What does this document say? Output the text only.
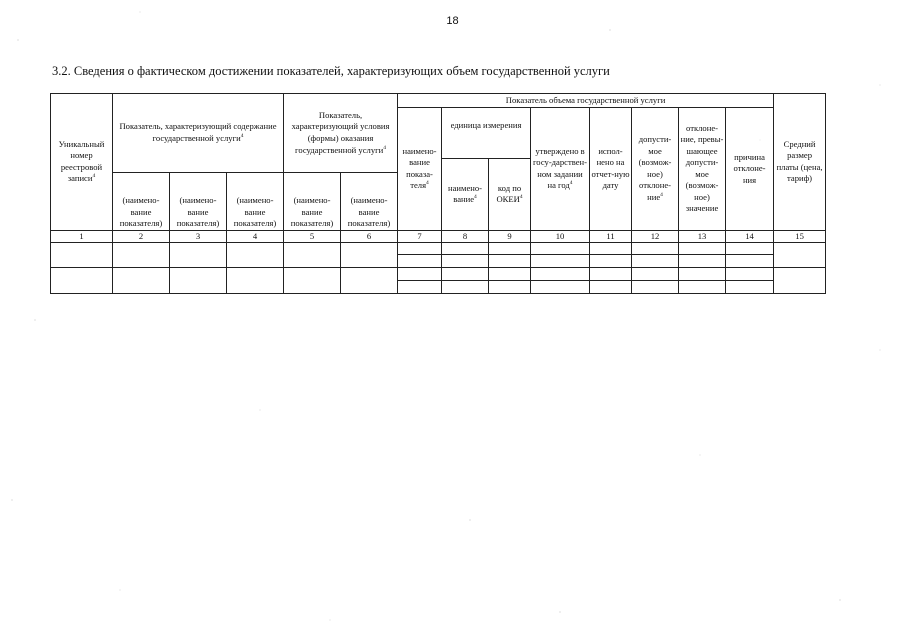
18
3.2. Сведения о фактическом достижении показателей, характеризующих объем государственной услуги
Уникальный номер реестровой записи$^4$	Показатель, характеризующий содержание государственной услуги$^4$			Показатель, характеризующий условия (формы) оказания государственной услуги$^4$		Показатель объема государственной услуги								Средний размер платы (цена, тариф)
						наимено-вание показа-теля$^4$	единица измерения		утверждено в госу-дарствен-ном задании на год$^4$	испол-нено на отчет-ную дату	допусти-мое (возмож-ное) отклоне-ние$^4$	отклоне-ние, превы-шающее допусти-мое (возмож-ное) значение	причина отклоне-ния	
							наимено-вание$^4$	код по ОКЕИ$^4$
	(наимено-вание показателя)	(наимено-вание показателя)	(наимено-вание показателя)	(наимено-вание показателя)	(наимено-вание показателя)									
1	2	3	4	5	6	7	8	9	10	11	12	13	14	15
